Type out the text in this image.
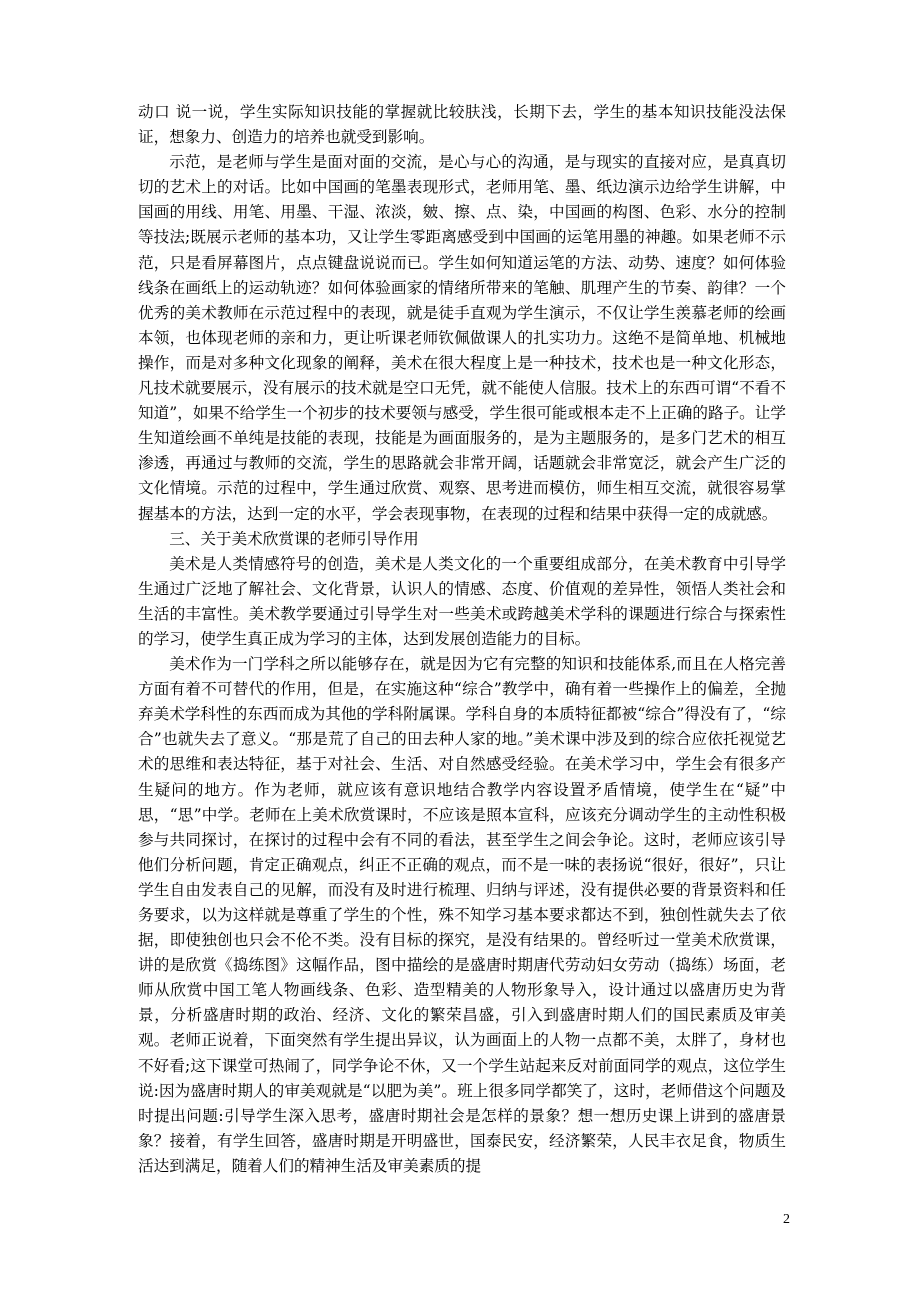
动口 说一说，学生实际知识技能的掌握就比较肤浅，长期下去，学生的基本知识技能没法保证，想象力、创造力的培养也就受到影响。

示范，是老师与学生是面对面的交流，是心与心的沟通，是与现实的直接对应，是真真切切的艺术上的对话。比如中国画的笔墨表现形式，老师用笔、墨、纸边演示边给学生讲解，中国画的用线、用笔、用墨、干湿、浓淡，皴、擦、点、染，中国画的构图、色彩、水分的控制等技法;既展示老师的基本功，又让学生零距离感受到中国画的运笔用墨的神趣。如果老师不示范，只是看屏幕图片，点点键盘说说而已。学生如何知道运笔的方法、动势、速度？如何体验线条在画纸上的运动轨迹？如何体验画家的情绪所带来的笔触、肌理产生的节奏、韵律？一个优秀的美术教师在示范过程中的表现，就是徒手直观为学生演示，不仅让学生羡慕老师的绘画本领，也体现老师的亲和力，更让听课老师钦佩做课人的扎实功力。这绝不是简单地、机械地操作，而是对多种文化现象的阐释，美术在很大程度上是一种技术，技术也是一种文化形态，凡技术就要展示，没有展示的技术就是空口无凭，就不能使人信服。技术上的东西可谓“不看不知道”，如果不给学生一个初步的技术要领与感受，学生很可能或根本走不上正确的路子。让学生知道绘画不单纯是技能的表现，技能是为画面服务的，是为主题服务的，是多门艺术的相互渗透，再通过与教师的交流，学生的思路就会非常开阔，话题就会非常宽泛，就会产生广泛的文化情境。示范的过程中，学生通过欣赏、观察、思考进而模仿，师生相互交流，就很容易掌握基本的方法，达到一定的水平，学会表现事物，在表现的过程和结果中获得一定的成就感。

三、关于美术欣赏课的老师引导作用

美术是人类情感符号的创造，美术是人类文化的一个重要组成部分，在美术教育中引导学生通过广泛地了解社会、文化背景，认识人的情感、态度、价值观的差异性，领悟人类社会和生活的丰富性。美术教学要通过引导学生对一些美术或跨越美术学科的课题进行综合与探索性的学习，使学生真正成为学习的主体，达到发展创造能力的目标。

美术作为一门学科之所以能够存在，就是因为它有完整的知识和技能体系,而且在人格完善方面有着不可替代的作用，但是，在实施这种“综合”教学中，确有着一些操作上的偏差，全抛弃美术学科性的东西而成为其他的学科附属课。学科自身的本质特征都被“综合”得没有了，“综合”也就失去了意义。“那是荒了自己的田去种人家的地。”美术课中涉及到的综合应依托视觉艺术的思维和表达特征，基于对社会、生活、对自然感受经验。在美术学习中，学生会有很多产生疑问的地方。作为老师，就应该有意识地结合教学内容设置矛盾情境，使学生在“疑”中思，“思”中学。老师在上美术欣赏课时，不应该是照本宣科，应该充分调动学生的主动性积极参与共同探讨，在探讨的过程中会有不同的看法，甚至学生之间会争论。这时，老师应该引导他们分析问题，肯定正确观点，纠正不正确的观点，而不是一味的表扬说“很好，很好”，只让学生自由发表自己的见解，而没有及时进行梳理、归纳与评述，没有提供必要的背景资料和任务要求，以为这样就是尊重了学生的个性，殊不知学习基本要求都达不到，独创性就失去了依据，即使独创也只会不伦不类。没有目标的探究，是没有结果的。曾经听过一堂美术欣赏课，讲的是欣赏《捣练图》这幅作品，图中描绘的是盛唐时期唐代劳动妇女劳动（捣练）场面，老师从欣赏中国工笔人物画线条、色彩、造型精美的人物形象导入，设计通过以盛唐历史为背景，分析盛唐时期的政治、经济、文化的繁荣昌盛，引入到盛唐时期人们的国民素质及审美观。老师正说着，下面突然有学生提出异议，认为画面上的人物一点都不美，太胖了，身材也不好看;这下课堂可热闹了，同学争论不休，又一个学生站起来反对前面同学的观点，这位学生说:因为盛唐时期人的审美观就是“以肥为美”。班上很多同学都笑了，这时，老师借这个问题及时提出问题:引导学生深入思考，盛唐时期社会是怎样的景象？想一想历史课上讲到的盛唐景象？接着，有学生回答，盛唐时期是开明盛世，国泰民安，经济繁荣，人民丰衣足食，物质生活达到满足，随着人们的精神生活及审美素质的提

2
